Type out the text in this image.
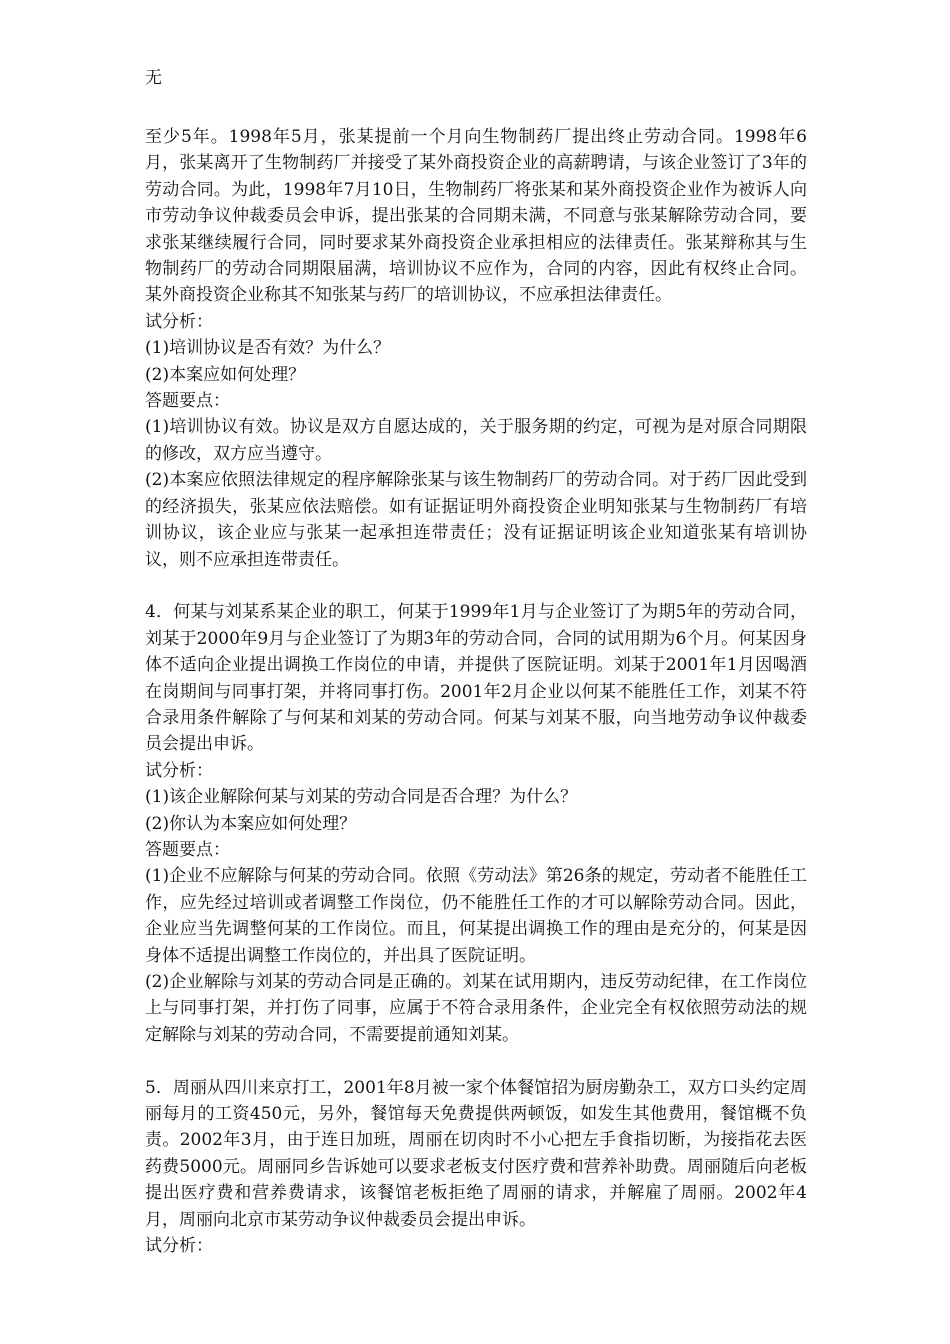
无

至少5年。1998年5月，张某提前一个月向生物制药厂提出终止劳动合同。1998年6月，张某离开了生物制药厂并接受了某外商投资企业的高薪聘请，与该企业签订了3年的劳动合同。为此，1998年7月10日，生物制药厂将张某和某外商投资企业作为被诉人向市劳动争议仲裁委员会申诉，提出张某的合同期未满，不同意与张某解除劳动合同，要求张某继续履行合同，同时要求某外商投资企业承担相应的法律责任。张某辩称其与生物制药厂的劳动合同期限届满，培训协议不应作为，合同的内容，因此有权终止合同。某外商投资企业称其不知张某与药厂的培训协议，不应承担法律责任。

试分析：

(1)培训协议是否有效？为什么？

(2)本案应如何处理？

答题要点：

(1)培训协议有效。协议是双方自愿达成的，关于服务期的约定，可视为是对原合同期限的修改，双方应当遵守。

(2)本案应依照法律规定的程序解除张某与该生物制药厂的劳动合同。对于药厂因此受到的经济损失，张某应依法赔偿。如有证据证明外商投资企业明知张某与生物制药厂有培训协议，该企业应与张某一起承担连带责任；没有证据证明该企业知道张某有培训协议，则不应承担连带责任。

4．何某与刘某系某企业的职工，何某于1999年1月与企业签订了为期5年的劳动合同，刘某于2000年9月与企业签订了为期3年的劳动合同，合同的试用期为6个月。何某因身体不适向企业提出调换工作岗位的申请，并提供了医院证明。刘某于2001年1月因喝酒在岗期间与同事打架，并将同事打伤。2001年2月企业以何某不能胜任工作，刘某不符合录用条件解除了与何某和刘某的劳动合同。何某与刘某不服，向当地劳动争议仲裁委员会提出申诉。

试分析：

(1)该企业解除何某与刘某的劳动合同是否合理？为什么？

(2)你认为本案应如何处理？

答题要点：

(1)企业不应解除与何某的劳动合同。依照《劳动法》第26条的规定，劳动者不能胜任工作，应先经过培训或者调整工作岗位，仍不能胜任工作的才可以解除劳动合同。因此，企业应当先调整何某的工作岗位。而且，何某提出调换工作的理由是充分的，何某是因身体不适提出调整工作岗位的，并出具了医院证明。

(2)企业解除与刘某的劳动合同是正确的。刘某在试用期内，违反劳动纪律，在工作岗位上与同事打架，并打伤了同事，应属于不符合录用条件，企业完全有权依照劳动法的规定解除与刘某的劳动合同，不需要提前通知刘某。

5．周丽从四川来京打工，2001年8月被一家个体餐馆招为厨房勤杂工，双方口头约定周丽每月的工资450元，另外，餐馆每天免费提供两顿饭，如发生其他费用，餐馆概不负责。2002年3月，由于连日加班，周丽在切肉时不小心把左手食指切断，为接指花去医药费5000元。周丽同乡告诉她可以要求老板支付医疗费和营养补助费。周丽随后向老板提出医疗费和营养费请求，该餐馆老板拒绝了周丽的请求，并解雇了周丽。2002年4月，周丽向北京市某劳动争议仲裁委员会提出申诉。

试分析：
